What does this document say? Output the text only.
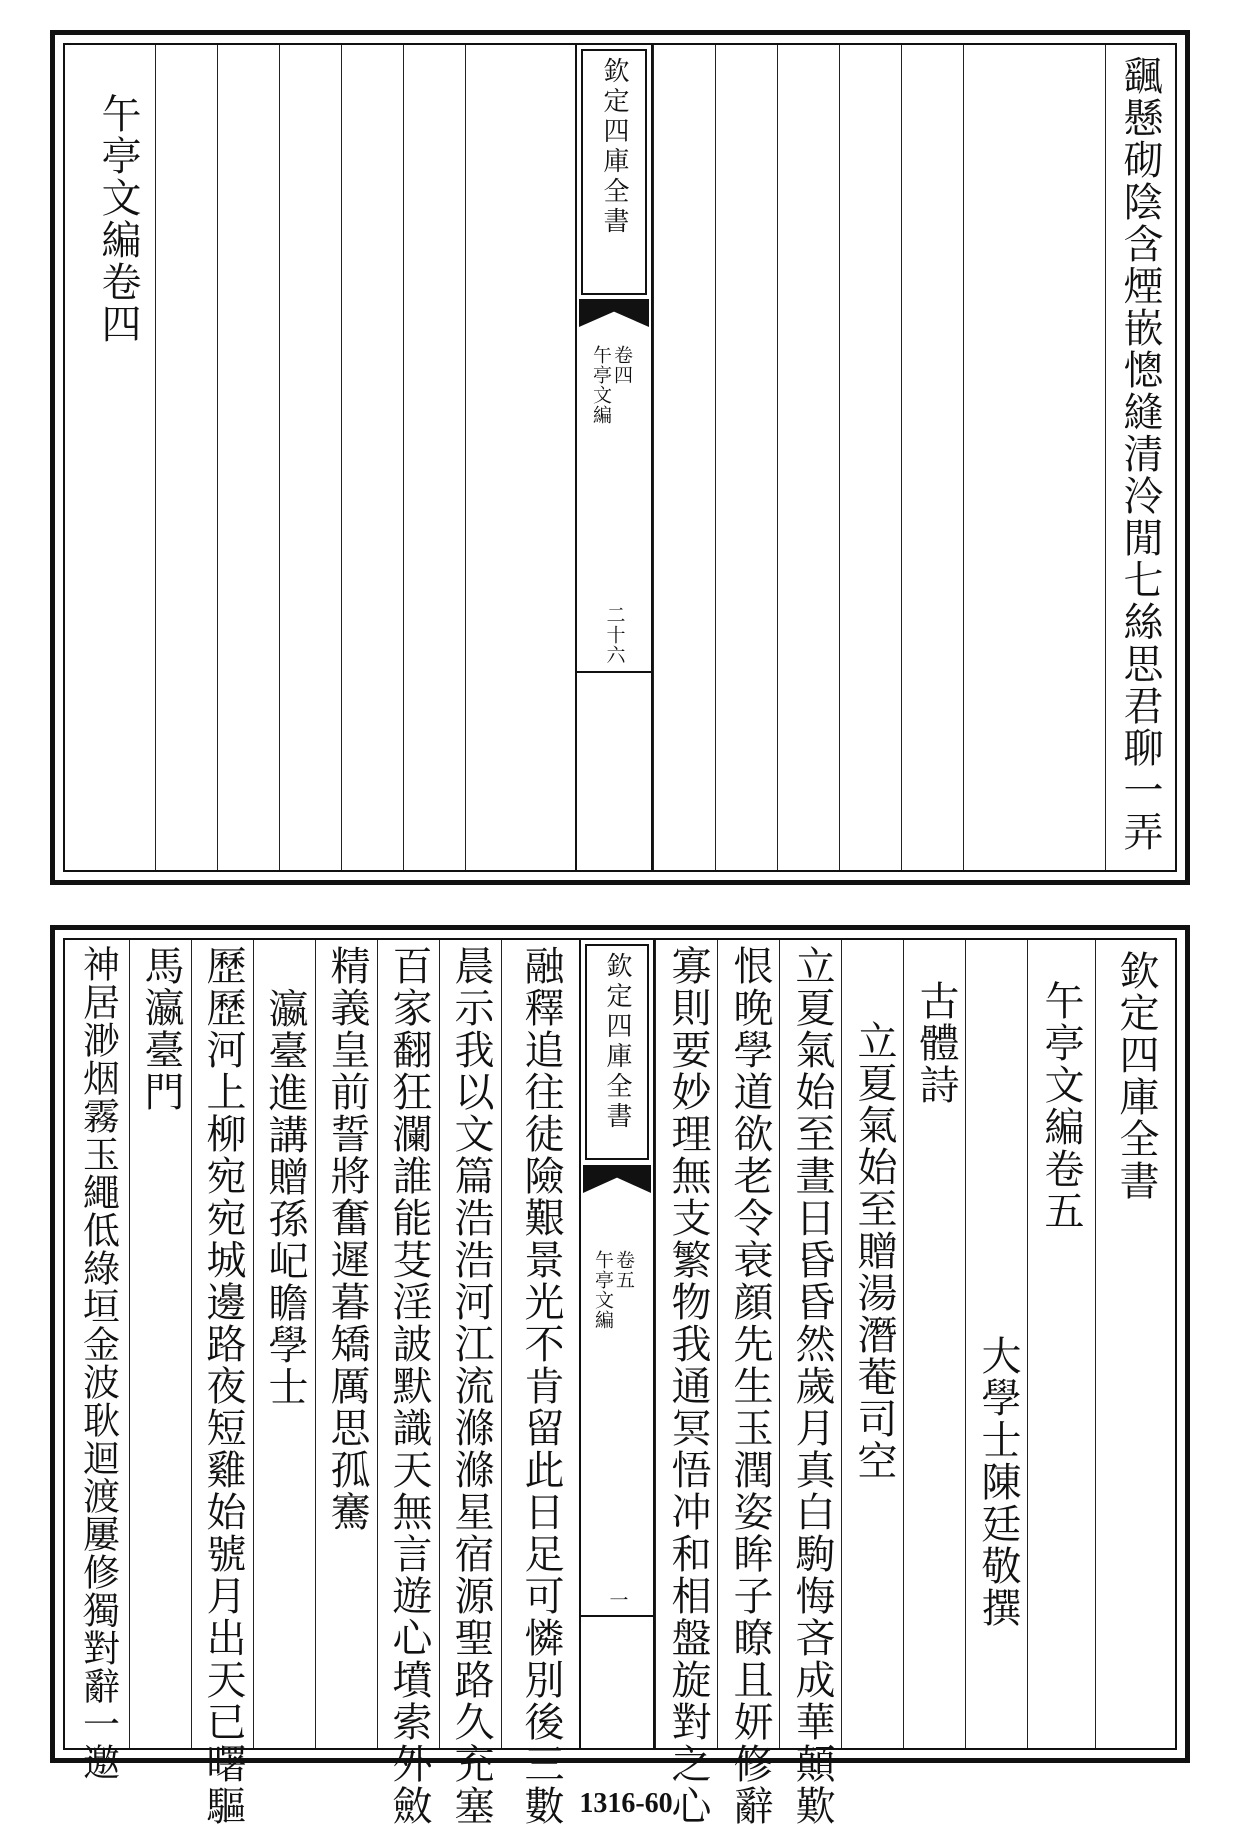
颻懸砌陰含煙嵌憁縫清泠閒七絲思君聊一弄
欽定四庫全書
午亭文編 卷四
二十六
午亭文編卷四
欽定四庫全書
午亭文編卷五
大學士陳廷敬撰
古體詩
立夏氣始至贈湯潛菴司空
立夏氣始至晝日昏昏然歲月真白駒悔吝成華顛歎
恨晚學道欲老令衰顔先生玉潤姿眸子瞭且妍修辭
寡則要妙理無支繁物我通冥悟冲和相盤旋對之心
欽定四庫全書
午亭文編 卷五
一
融釋追往徒險艱景光不肯留此日足可憐別後三數
晨示我以文篇浩浩河江流滌滌星宿源聖路久充塞
百家翻狂瀾誰能芟淫詖默識天無言遊心墳索外斂
精義皇前誓將奮遲暮矯厲思孤騫
瀛臺進講贈孫屺瞻學士
歷歷河上柳宛宛城邊路夜短雞始號月出天已曙驅
馬瀛臺門
神居渺烟霧玉繩低綠垣金波耿迴渡屢修獨對辭一邀
1316-60
